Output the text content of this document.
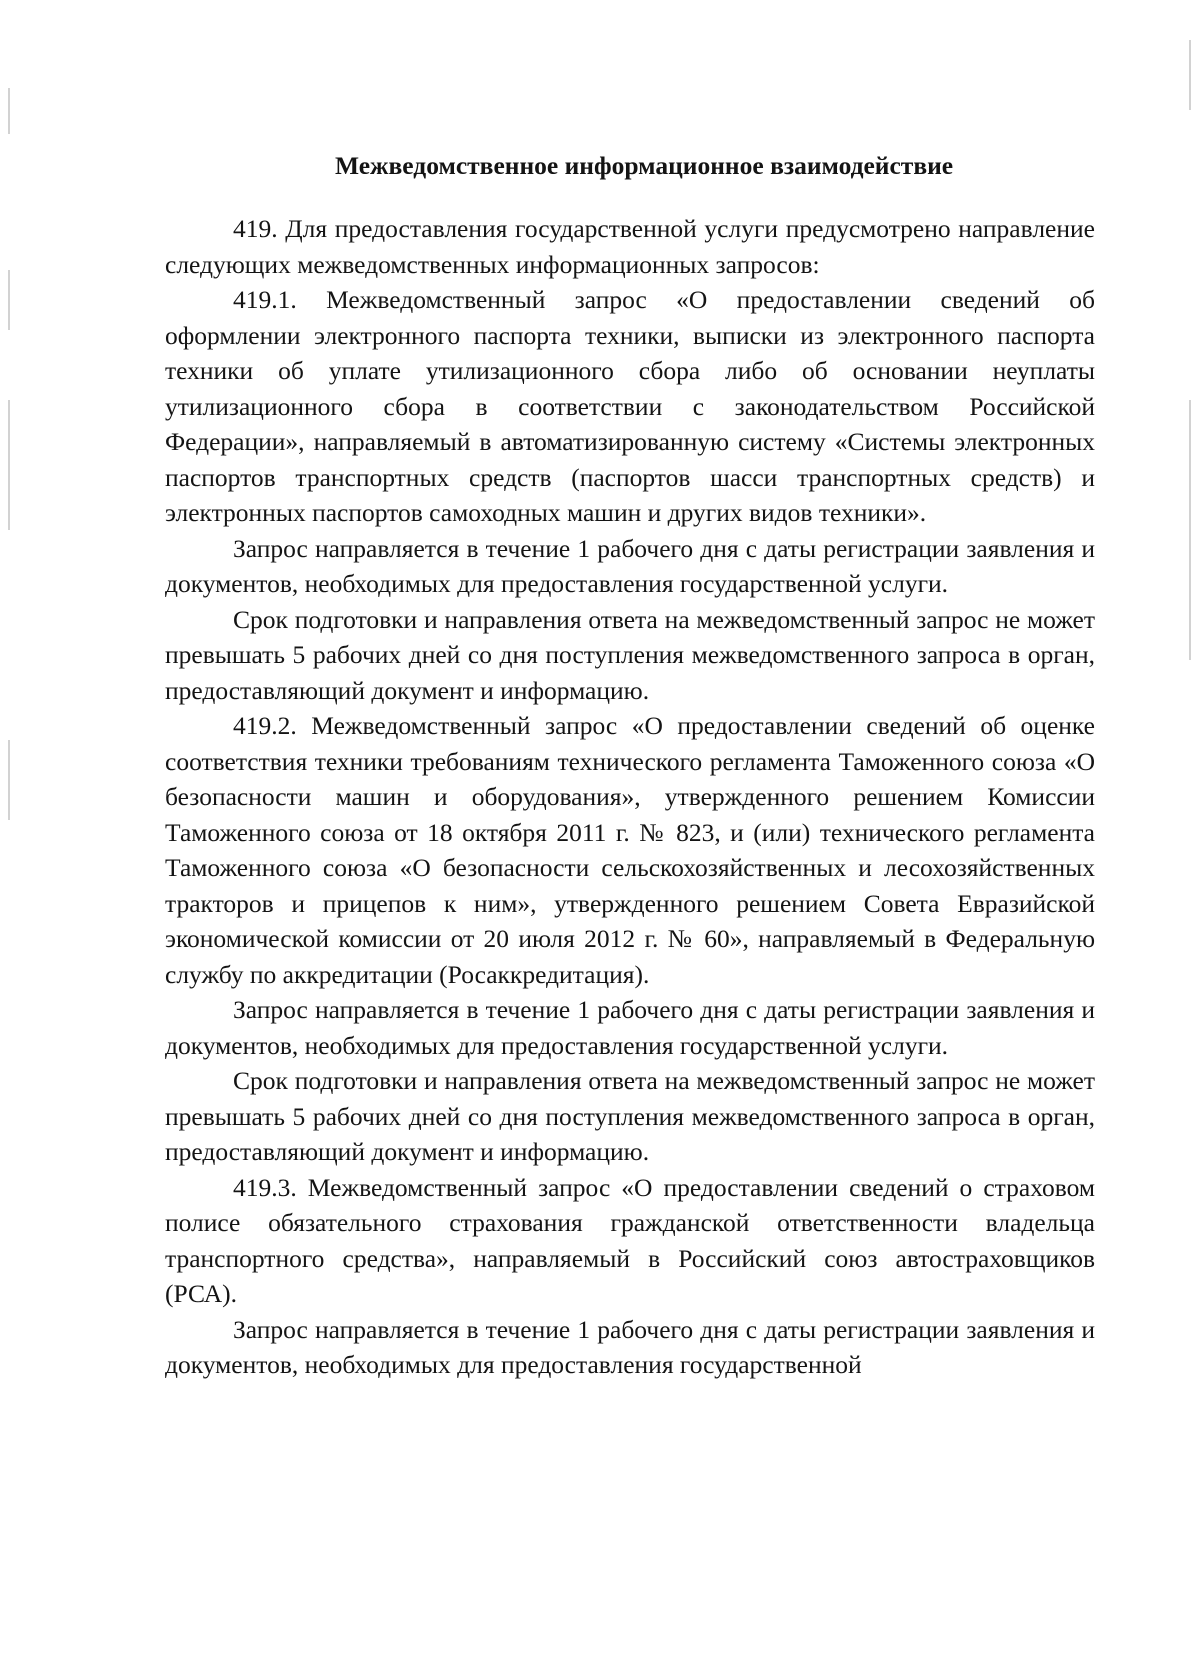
Межведомственное информационное взаимодействие

419. Для предоставления государственной услуги предусмотрено направление следующих межведомственных информационных запросов:

419.1. Межведомственный запрос «О предоставлении сведений об оформлении электронного паспорта техники, выписки из электронного паспорта техники об уплате утилизационного сбора либо об основании неуплаты утилизационного сбора в соответствии с законодательством Российской Федерации», направляемый в автоматизированную систему «Системы электронных паспортов транспортных средств (паспортов шасси транспортных средств) и электронных паспортов самоходных машин и других видов техники».

Запрос направляется в течение 1 рабочего дня с даты регистрации заявления и документов, необходимых для предоставления государственной услуги.

Срок подготовки и направления ответа на межведомственный запрос не может превышать 5 рабочих дней со дня поступления межведомственного запроса в орган, предоставляющий документ и информацию.

419.2. Межведомственный запрос «О предоставлении сведений об оценке соответствия техники требованиям технического регламента Таможенного союза «О безопасности машин и оборудования», утвержденного решением Комиссии Таможенного союза от 18 октября 2011 г. № 823, и (или) технического регламента Таможенного союза «О безопасности сельскохозяйственных и лесохозяйственных тракторов и прицепов к ним», утвержденного решением Совета Евразийской экономической комиссии от 20 июля 2012 г. № 60», направляемый в Федеральную службу по аккредитации (Росаккредитация).

Запрос направляется в течение 1 рабочего дня с даты регистрации заявления и документов, необходимых для предоставления государственной услуги.

Срок подготовки и направления ответа на межведомственный запрос не может превышать 5 рабочих дней со дня поступления межведомственного запроса в орган, предоставляющий документ и информацию.

419.3. Межведомственный запрос «О предоставлении сведений о страховом полисе обязательного страхования гражданской ответственности владельца транспортного средства», направляемый в Российский союз автостраховщиков (РСА).

Запрос направляется в течение 1 рабочего дня с даты регистрации заявления и документов, необходимых для предоставления государственной
